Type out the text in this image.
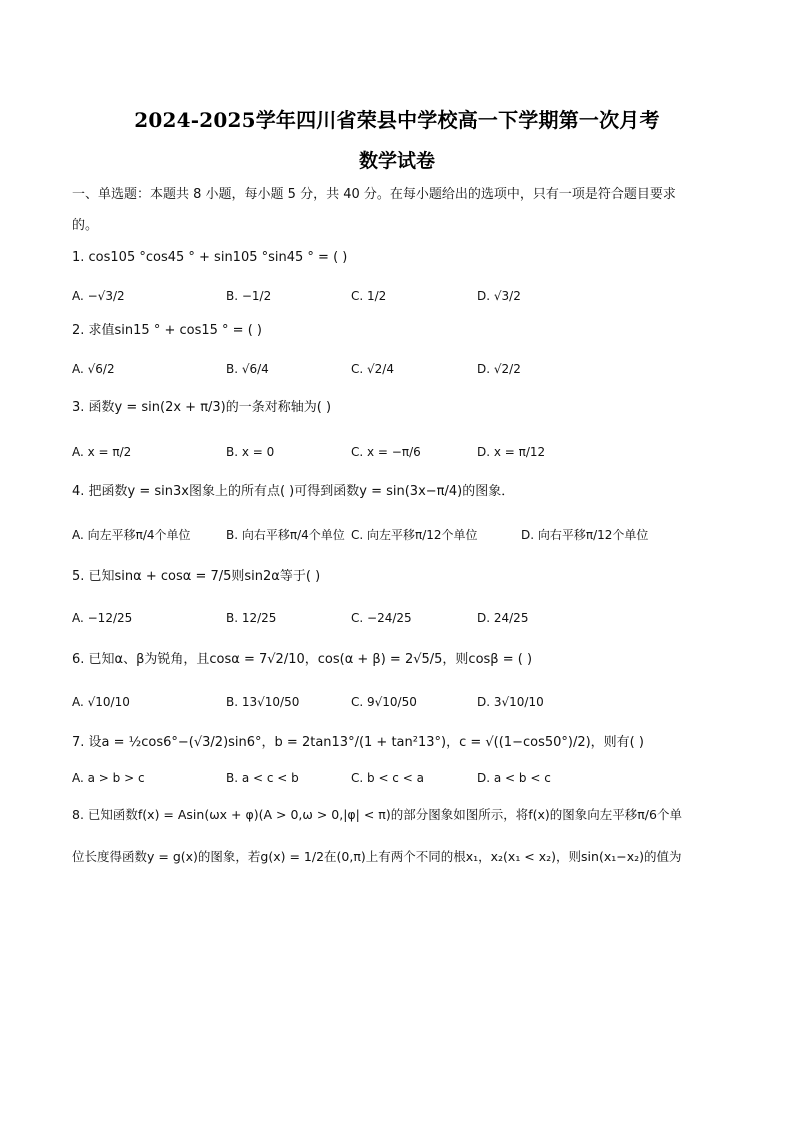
2024-2025学年四川省荣县中学校高一下学期第一次月考
数学试卷
一、单选题：本题共 8 小题，每小题 5 分，共 40 分。在每小题给出的选项中，只有一项是符合题目要求
的。
1. cos105 °cos45 ° + sin105 °sin45 ° = ( )
A. −√3/2	B. −1/2	C. 1/2	D. √3/2
2. 求值sin15 ° + cos15 ° = ( )
A. √6/2	B. √6/4	C. √2/4	D. √2/2
3. 函数y = sin(2x + π/3)的一条对称轴为( )
A. x = π/2	B. x = 0	C. x = −π/6	D. x = π/12
4. 把函数y = sin3x图象上的所有点( )可得到函数y = sin(3x−π/4)的图象．
A. 向左平移π/4个单位	B. 向右平移π/4个单位 C. 向左平移π/12个单位	D. 向右平移π/12个单位
5. 已知sinα + cosα = 7/5则sin2α等于( )
A. −12/25	B. 12/25	C. −24/25	D. 24/25
6. 已知α、β为锐角，且cosα = 7√2/10，cos(α + β) = 2√5/5，则cosβ = ( )
A. √10/10	B. 13√10/50	C. 9√10/50	D. 3√10/10
7. 设a = ½cos6°−(√3/2)sin6°，b = 2tan13°/(1 + tan²13°)，c = √((1−cos50°)/2)，则有( )
A. a > b > c	B. a < c < b	C. b < c < a	D. a < b < c
8. 已知函数f(x) = Asin(ωx + φ)(A > 0,ω > 0,|φ| < π)的部分图象如图所示，将f(x)的图象向左平移π/6个单
位长度得函数y = g(x)的图象，若g(x) = 1/2在(0,π)上有两个不同的根x₁，x₂(x₁ < x₂)，则sin(x₁−x₂)的值为
